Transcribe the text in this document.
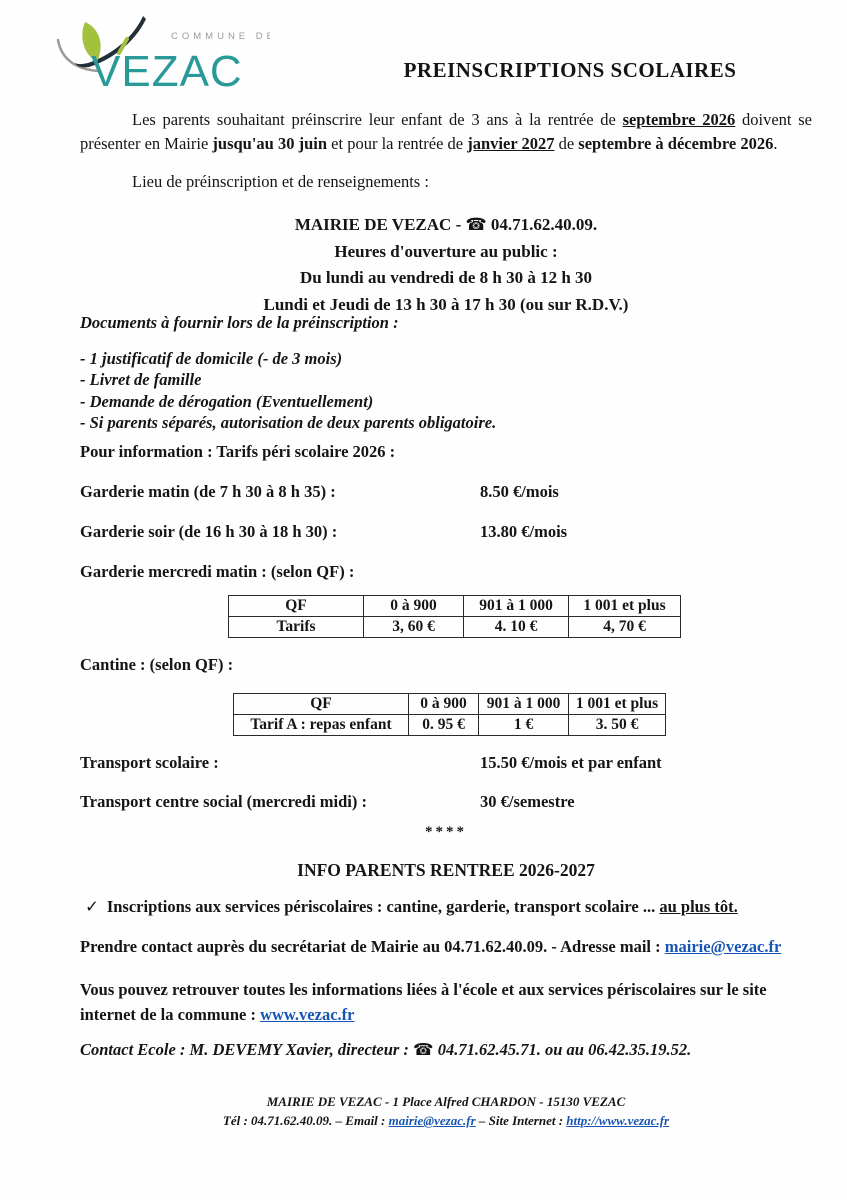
COMMUNE DE
VEZAC	PREINSCRIPTIONS SCOLAIRES
Les parents souhaitant préinscrire leur enfant de 3 ans à la rentrée de septembre 2026 doivent se présenter en Mairie jusqu'au 30 juin et pour la rentrée de janvier 2027 de septembre à décembre 2026.
Lieu de préinscription et de renseignements :
MAIRIE DE VEZAC - ☎ 04.71.62.40.09.
Heures d'ouverture au public :
Du lundi au vendredi de 8 h 30 à 12 h 30
Lundi et Jeudi de 13 h 30 à 17 h 30 (ou sur R.D.V.)
Documents à fournir lors de la préinscription :
- 1 justificatif de domicile (- de 3 mois)
- Livret de famille
- Demande de dérogation (Eventuellement)
- Si parents séparés, autorisation de deux parents obligatoire.
Pour information : Tarifs péri scolaire 2026 :
Garderie matin (de 7 h 30 à 8 h 35) :	8.50 €/mois
Garderie soir (de 16 h 30 à 18 h 30) :	13.80 €/mois
Garderie mercredi matin : (selon QF) :
QF	0 à 900	901 à 1 000	1 001 et plus
Tarifs	3, 60 €	4. 10 €	4, 70 €
Cantine : (selon QF) :
QF	0 à 900	901 à 1 000	1 001 et plus
Tarif A : repas enfant	0. 95 €	1 €	3. 50 €
Transport scolaire :	15.50 €/mois et par enfant
Transport centre social (mercredi midi) :	30 €/semestre
****
INFO PARENTS RENTREE 2026-2027
✓ Inscriptions aux services périscolaires : cantine, garderie, transport scolaire ... au plus tôt.
Prendre contact auprès du secrétariat de Mairie au 04.71.62.40.09. - Adresse mail : mairie@vezac.fr
Vous pouvez retrouver toutes les informations liées à l'école et aux services périscolaires sur le site
internet de la commune : www.vezac.fr
Contact Ecole : M. DEVEMY Xavier, directeur : ☎ 04.71.62.45.71. ou au 06.42.35.19.52.
MAIRIE DE VEZAC - 1 Place Alfred CHARDON - 15130 VEZAC
Tél : 04.71.62.40.09. – Email : mairie@vezac.fr – Site Internet : http://www.vezac.fr
